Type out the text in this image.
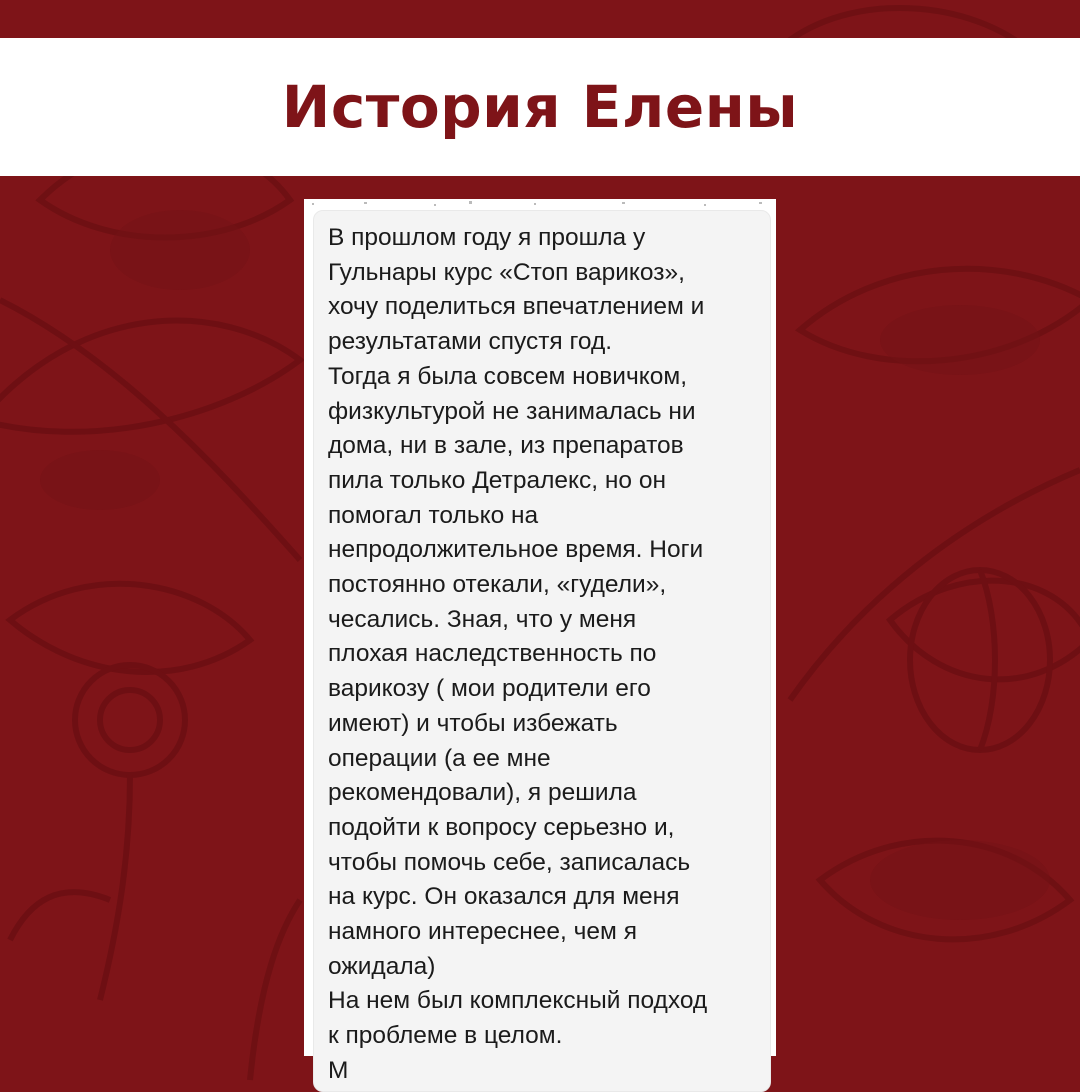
История Елены

В прошлом году я прошла у
Гульнары курс «Стоп варикоз»,
хочу поделиться впечатлением и
результатами спустя год.
Тогда я была совсем новичком,
физкультурой не занималась ни
дома, ни в зале, из препаратов
пила только Детралекс, но он
помогал только на
непродолжительное время. Ноги
постоянно отекали, «гудели»,
чесались. Зная, что у меня
плохая наследственность по
варикозу ( мои родители его
имеют) и чтобы избежать
операции (а ее мне
рекомендовали), я решила
подойти к вопросу серьезно и,
чтобы помочь себе, записалась
на курс. Он оказался для меня
намного интереснее, чем я
ожидала)
На нем был комплексный подход
к проблеме в целом.
М
